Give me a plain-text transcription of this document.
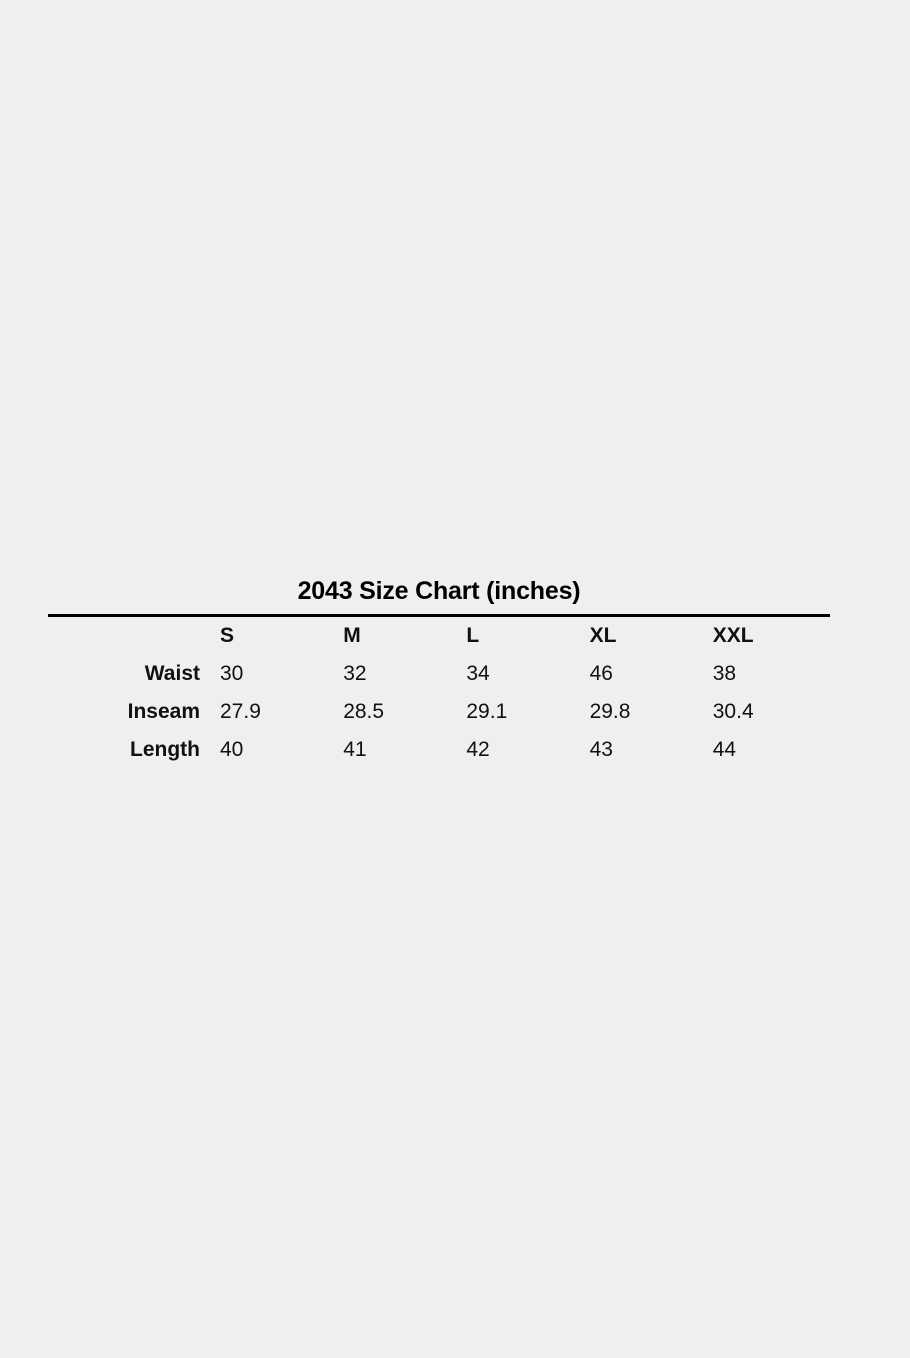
2043 Size Chart (inches)
	S	M	L	XL	XXL
Waist	30	32	34	46	38
Inseam	27.9	28.5	29.1	29.8	30.4
Length	40	41	42	43	44
